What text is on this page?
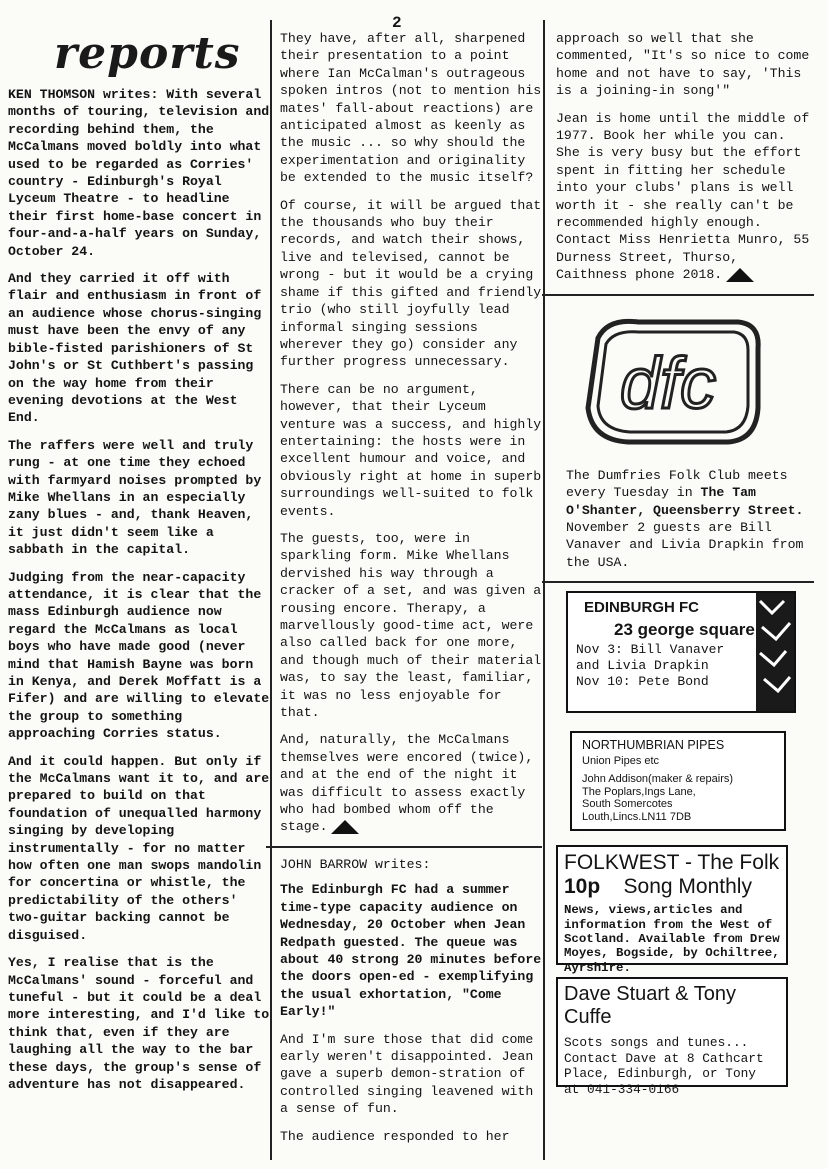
2
reports

KEN THOMSON writes: With several months of touring, television and recording behind them, the McCalmans moved boldly into what used to be regarded as Corries' country - Edinburgh's Royal Lyceum Theatre - to headline their first home-base concert in four-and-a-half years on Sunday, October 24.

And they carried it off with flair and enthusiasm in front of an audience whose chorus-singing must have been the envy of any bible-fisted parishioners of St John's or St Cuthbert's passing on the way home from their evening devotions at the West End.

The raffers were well and truly rung - at one time they echoed with farmyard noises prompted by Mike Whellans in an especially zany blues - and, thank Heaven, it just didn't seem like a sabbath in the capital.

Judging from the near-capacity attendance, it is clear that the mass Edinburgh audience now regard the McCalmans as local boys who have made good (never mind that Hamish Bayne was born in Kenya, and Derek Moffatt is a Fifer) and are willing to elevate the group to something approaching Corries status.

And it could happen. But only if the McCalmans want it to, and are prepared to build on that foundation of unequalled harmony singing by developing instrumentally - for no matter how often one man swops mandolin for concertina or whistle, the predictability of the others' two-guitar backing cannot be disguised.

Yes, I realise that is the McCalmans' sound - forceful and tuneful - but it could be a deal more interesting, and I'd like to think that, even if they are laughing all the way to the bar these days, the group's sense of adventure has not disappeared.

They have, after all, sharpened their presentation to a point where Ian McCalman's outrageous spoken intros (not to mention his mates' fall-about reactions) are anticipated almost as keenly as the music ... so why should the experimentation and originality be extended to the music itself?

Of course, it will be argued that the thousands who buy their records, and watch their shows, live and televised, cannot be wrong - but it would be a crying shame if this gifted and friendly trio (who still joyfully lead informal singing sessions wherever they go) consider any further progress unnecessary.

There can be no argument, however, that their Lyceum venture was a success, and highly entertaining: the hosts were in excellent humour and voice, and obviously right at home in superb surroundings well-suited to folk events.

The guests, too, were in sparkling form. Mike Whellans dervished his way through a cracker of a set, and was given a rousing encore. Therapy, a marvellously good-time act, were also called back for one more, and though much of their material was, to say the least, familiar, it was no less enjoyable for that.

And, naturally, the McCalmans themselves were encored (twice), and at the end of the night it was difficult to assess exactly who had bombed whom off the stage.

JOHN BARROW writes:

The Edinburgh FC had a summer time-type capacity audience on Wednesday, 20 October when Jean Redpath guested. The queue was about 40 strong 20 minutes before the doors open-ed - exemplifying the usual exhortation, "Come Early!"

And I'm sure those that did come early weren't disappointed. Jean gave a superb demon-stration of controlled singing leavened with a sense of fun.

The audience responded to her

approach so well that she commented, "It's so nice to come home and not have to say, 'This is a joining-in song'"

Jean is home until the middle of 1977. Book her while you can. She is very busy but the effort spent in fitting her schedule into your clubs' plans is well worth it - she really can't be recommended highly enough. Contact Miss Henrietta Munro, 55 Durness Street, Thurso, Caithness phone 2018.

dfc

The Dumfries Folk Club meets every Tuesday in The Tam O'Shanter, Queensberry Street. November 2 guests are Bill Vanaver and Livia Drapkin from the USA.

EDINBURGH FC
23 george square
Nov 3: Bill Vanaver
and Livia Drapkin
Nov 10: Pete Bond
NORTHUMBRIAN PIPES
Union Pipes etc
John Addison(maker & repairs)
The Poplars,Ings Lane,
South Somercotes
Louth,Lincs.LN11 7DB
FOLKWEST - The Folk
10p Song Monthly
News, views,articles and information from the West of Scotland. Available from Drew Moyes, Bogside, by Ochiltree, Ayrshire.
Dave Stuart & Tony Cuffe
Scots songs and tunes...
Contact Dave at 8 Cathcart Place, Edinburgh, or Tony
at 041-334-0166
